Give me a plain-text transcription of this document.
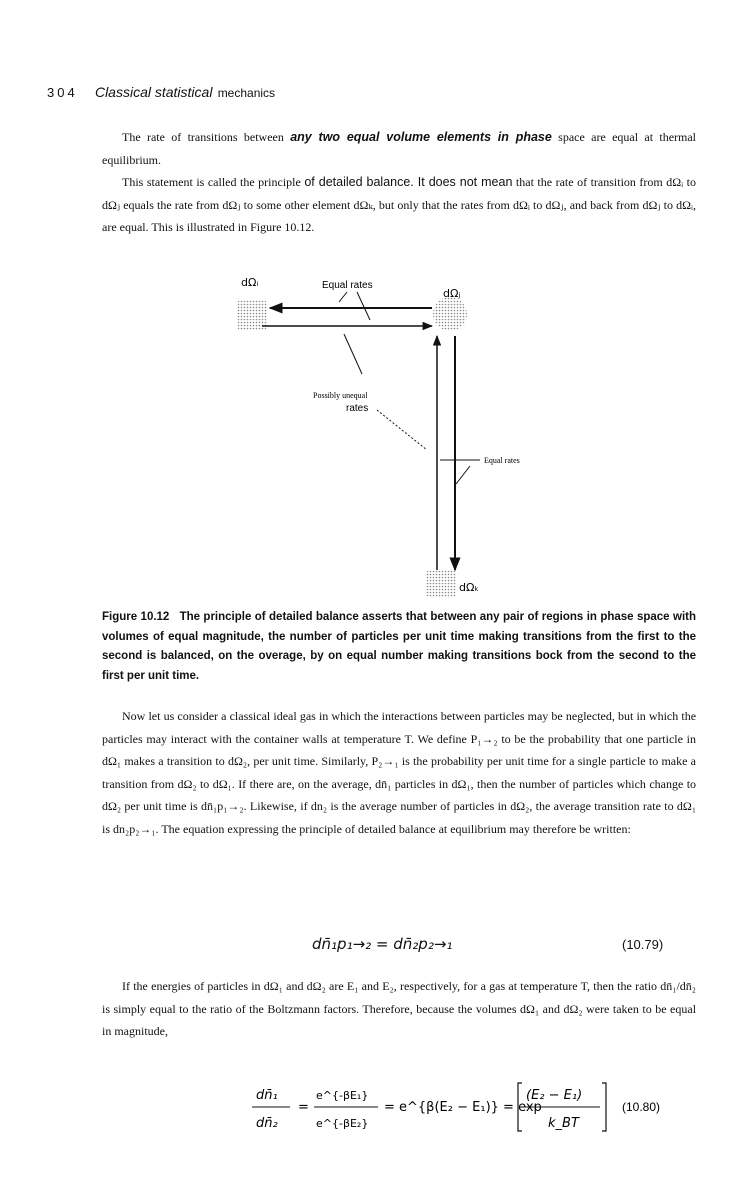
304 Classical statistical mechanics

The rate of transitions between any two equal volume elements in phase space are equal at thermal equilibrium.

This statement is called the principle of detailed balance. It does not mean that the rate of transition from dΩᵢ to dΩⱼ equals the rate from dΩⱼ to some other element dΩₖ, but only that the rates from dΩᵢ to dΩⱼ, and back from dΩⱼ to dΩᵢ, are equal. This is illustrated in Figure 10.12.

dΩᵢ
dΩⱼ
dΩₖ
Equal rates
Possibly unequal
rates
Equal rates
Figure 10.12 The principle of detailed balance asserts that between any pair of regions in phase space with volumes of equal magnitude, the number of particles per unit time making transitions from the first to the second is balanced, on the overage, by on equal number making transitions bock from the second to the first per unit time.

Now let us consider a classical ideal gas in which the interactions between particles may be neglected, but in which the particles may interact with the container walls at temperature T. We define P₁→₂ to be the probability that one particle in dΩ₁ makes a transition to dΩ₂, per unit time. Similarly, P₂→₁ is the probability per unit time for a single particle to make a transition from dΩ₂ to dΩ₁. If there are, on the average, dn̄₁ particles in dΩ₁, then the number of particles which change to dΩ₂ per unit time is dn̄₁p₁→₂. Likewise, if dn₂ is the average number of particles in dΩ₂, the average transition rate to dΩ₁ is dn₂p₂→₁. The equation expressing the principle of detailed balance at equilibrium may therefore be written:

dn̄₁p₁→₂ = dn̄₂p₂→₁	(10.79)

If the energies of particles in dΩ₁ and dΩ₂ are E₁ and E₂, respectively, for a gas at temperature T, then the ratio dn̄₁/dn̄₂ is simply equal to the ratio of the Boltzmann factors. Therefore, because the volumes dΩ₁ and dΩ₂ were taken to be equal in magnitude,

dn̄₁
dn̄₂
=
e^{-βE₁}
e^{-βE₂}
= e^{β(E₂ − E₁)} = exp
(E₂ − E₁)
k_BT
(10.80)
